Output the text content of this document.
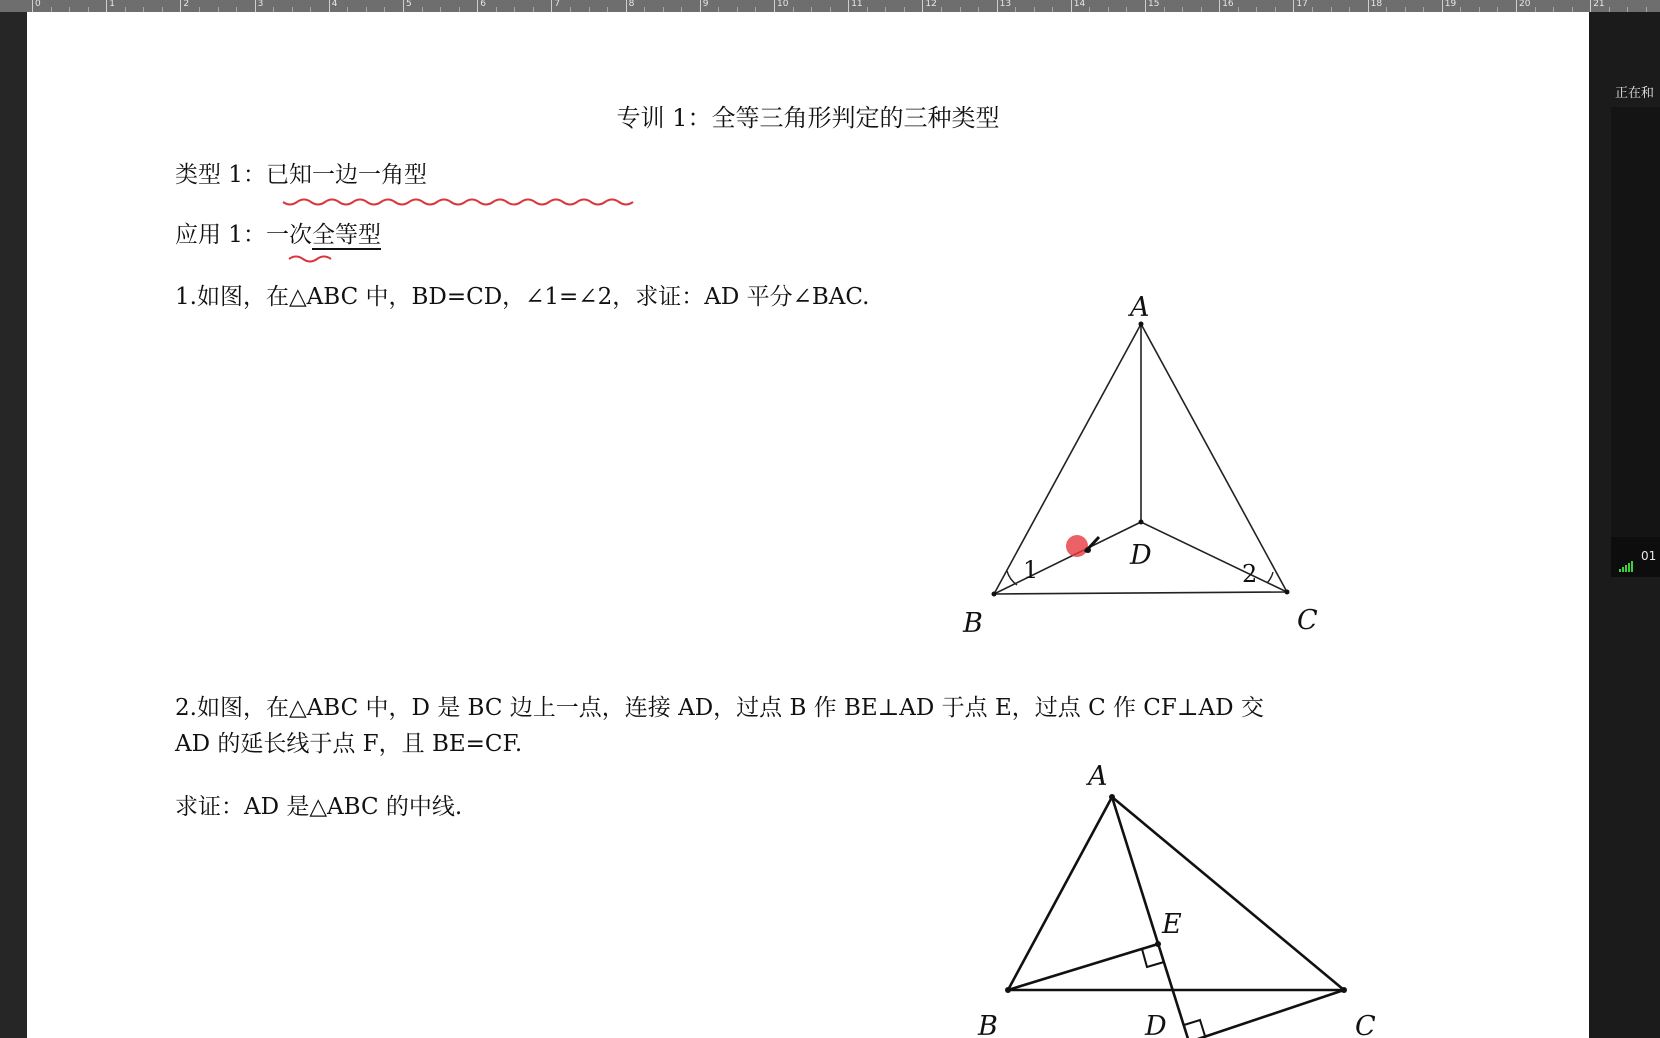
0	1	2	3	4	5	6	7	8	9	10	11	12	13	14	15	16	17	18	19	20	21
专训 1：全等三角形判定的三种类型
类型 1：已知一边一角型
应用 1：一次全等型
1.如图，在△ABC 中，BD=CD，∠1=∠2，求证：AD 平分∠BAC.
2.如图，在△ABC 中，D 是 BC 边上一点，连接 AD，过点 B 作 BE⊥AD 于点 E，过点 C 作 CF⊥AD 交
AD 的延长线于点 F，且 BE=CF.
求证：AD 是△ABC 的中线.
A
B	C
D
1	2
A
B	C
D
E
正在和
01
